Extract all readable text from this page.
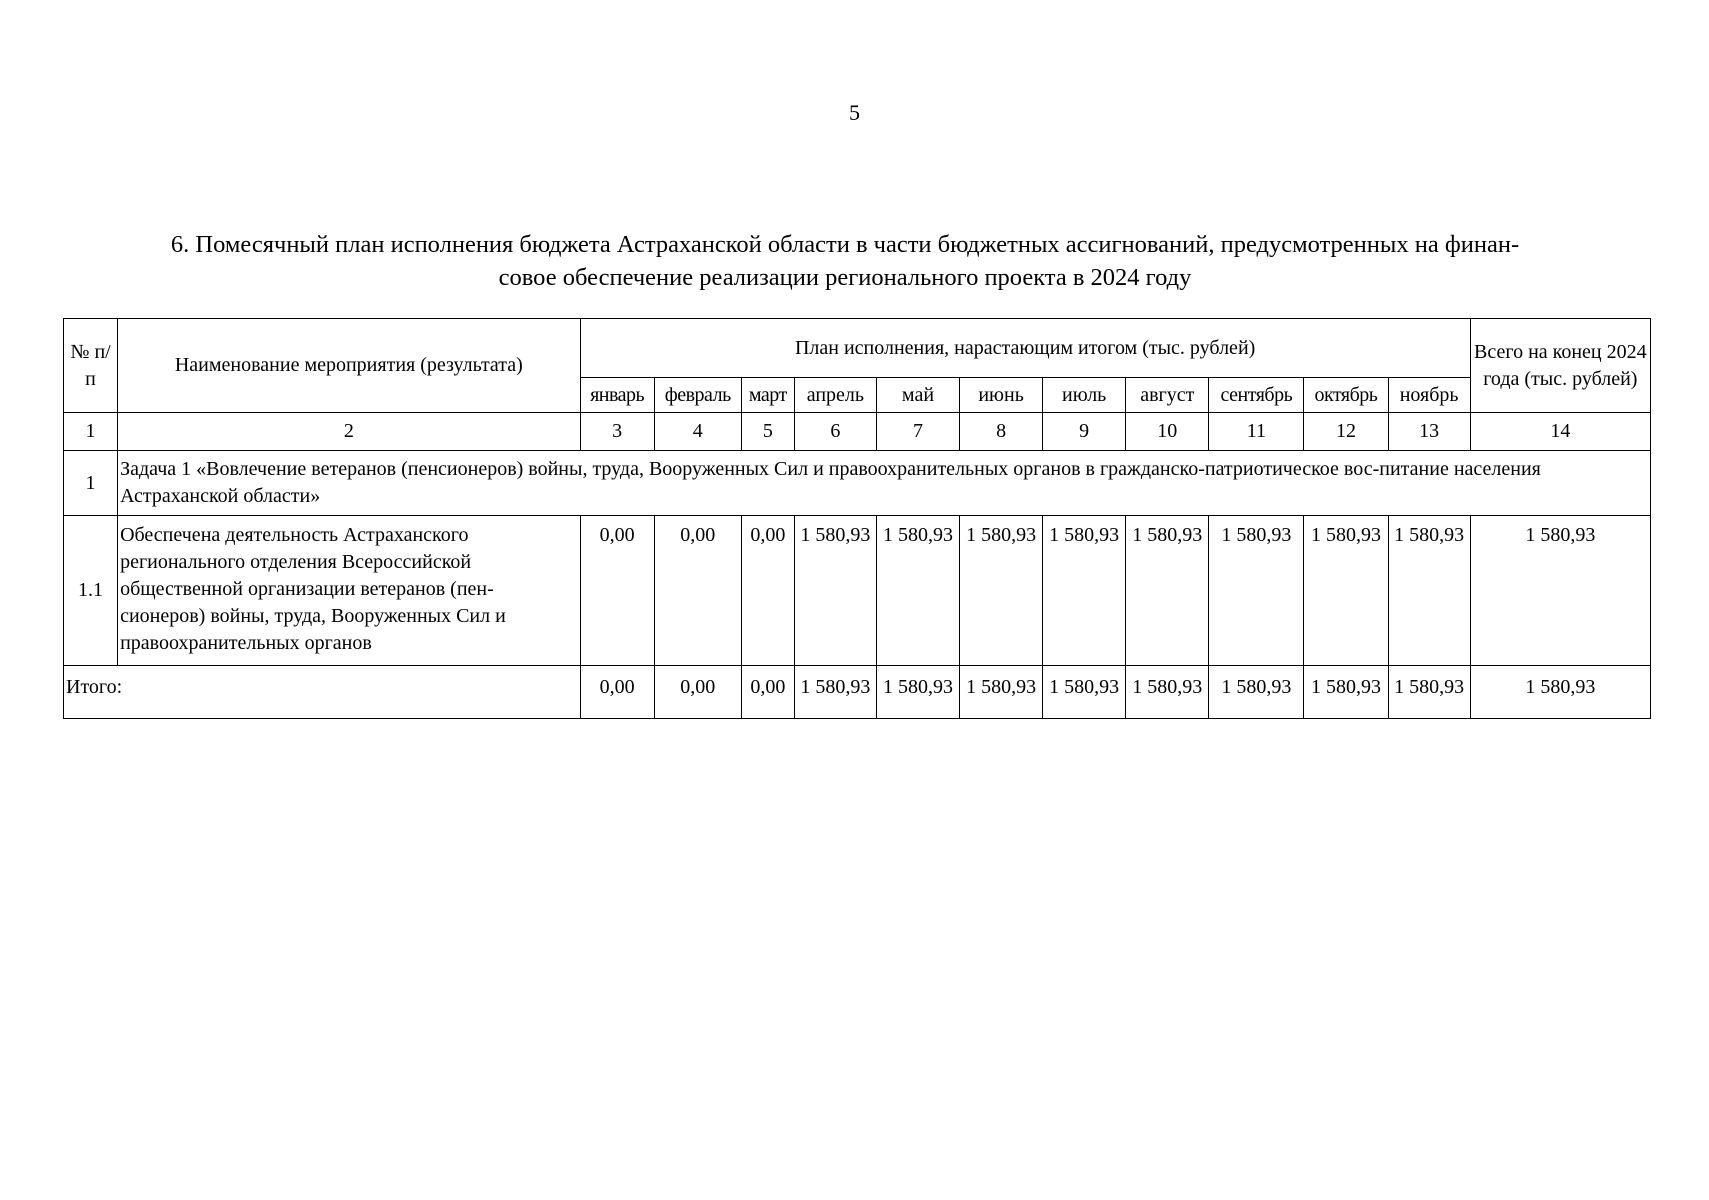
5
6. Помесячный план исполнения бюджета Астраханской области в части бюджетных ассигнований, предусмотренных на финан-
совое обеспечение реализации регионального проекта в 2024 году
№ п/п	Наименование мероприятия (результата)	План исполнения, нарастающим итогом (тыс. рублей)											Всего на конец 2024 года (тыс. рублей)
		январь	февраль	март	апрель	май	июнь	июль	август	сентябрь	октябрь	ноябрь	
1	2	3	4	5	6	7	8	9	10	11	12	13	14
1	Задача 1 «Вовлечение ветеранов (пенсионеров) войны, труда, Вооруженных Сил и правоохранительных органов в гражданско-патриотическое вос-питание населения Астраханской области»												
1.1	Обеспечена деятельность Астраханского регионального отделения Всероссийской общественной организации ветеранов (пен-сионеров) войны, труда, Вооруженных Сил и правоохранительных органов	0,00	0,00	0,00	1 580,93	1 580,93	1 580,93	1 580,93	1 580,93	1 580,93	1 580,93	1 580,93	1 580,93
Итого:		0,00	0,00	0,00	1 580,93	1 580,93	1 580,93	1 580,93	1 580,93	1 580,93	1 580,93	1 580,93	1 580,93
